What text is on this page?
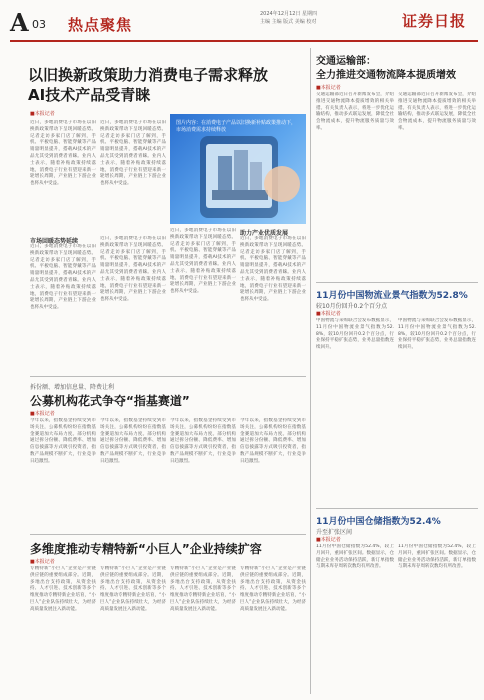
A 03 热点聚焦
2024年12月12日 星期四
主编 主编 版式 美编 校对	证券日报
以旧换新政策助力消费电子需求释放
AI技术产品受青睐
■本报记者
近日，多地消费电子市场在以旧换新政策带动下呈现回暖态势。记者走访多家门店了解到，手机、平板电脑、智能穿戴等产品销量明显提升，搭载AI技术的产品尤其受到消费者青睐。业内人士表示，随着补贴政策持续落地，消费电子行业有望迎来新一轮增长周期，产业链上下游企业也将从中受益。
近日，多地消费电子市场在以旧换新政策带动下呈现回暖态势。记者走访多家门店了解到，手机、平板电脑、智能穿戴等产品销量明显提升，搭载AI技术的产品尤其受到消费者青睐。业内人士表示，随着补贴政策持续落地，消费电子行业有望迎来新一轮增长周期，产业链上下游企业也将从中受益。
图片内容：在消费电子产品以旧换新补贴政策推动下，市场消费需求持续释放
市场回暖态势延续
近日，多地消费电子市场在以旧换新政策带动下呈现回暖态势。记者走访多家门店了解到，手机、平板电脑、智能穿戴等产品销量明显提升，搭载AI技术的产品尤其受到消费者青睐。业内人士表示，随着补贴政策持续落地，消费电子行业有望迎来新一轮增长周期，产业链上下游企业也将从中受益。
近日，多地消费电子市场在以旧换新政策带动下呈现回暖态势。记者走访多家门店了解到，手机、平板电脑、智能穿戴等产品销量明显提升，搭载AI技术的产品尤其受到消费者青睐。业内人士表示，随着补贴政策持续落地，消费电子行业有望迎来新一轮增长周期，产业链上下游企业也将从中受益。
近日，多地消费电子市场在以旧换新政策带动下呈现回暖态势。记者走访多家门店了解到，手机、平板电脑、智能穿戴等产品销量明显提升，搭载AI技术的产品尤其受到消费者青睐。业内人士表示，随着补贴政策持续落地，消费电子行业有望迎来新一轮增长周期，产业链上下游企业也将从中受益。
助力产业优质发展
近日，多地消费电子市场在以旧换新政策带动下呈现回暖态势。记者走访多家门店了解到，手机、平板电脑、智能穿戴等产品销量明显提升，搭载AI技术的产品尤其受到消费者青睐。业内人士表示，随着补贴政策持续落地，消费电子行业有望迎来新一轮增长周期，产业链上下游企业也将从中受益。
交通运输部：
全力推进交通物流降本提质增效
■本报记者
交通运输部近日召开新闻发布会，介绍推进交通物流降本提质增效的相关举措。有关负责人表示，将进一步优化运输结构，推动多式联运发展，降低全社会物流成本，提升物流服务质量与效率。
交通运输部近日召开新闻发布会，介绍推进交通物流降本提质增效的相关举措。有关负责人表示，将进一步优化运输结构，推动多式联运发展，降低全社会物流成本，提升物流服务质量与效率。
11月份中国物流业景气指数为52.8%
较10月份回升0.2个百分点
■本报记者
中国物流与采购联合会发布数据显示，11月份中国物流业景气指数为52.8%，较10月份回升0.2个百分点，行业保持平稳扩张态势，业务总量指数连续回升。
中国物流与采购联合会发布数据显示，11月份中国物流业景气指数为52.8%，较10月份回升0.2个百分点，行业保持平稳扩张态势，业务总量指数连续回升。
11月份中国仓储指数为52.4%
升至扩张区间
■本报记者
11月份中国仓储指数为52.4%，较上月回升，重回扩张区间。数据显示，仓储企业业务活动保持活跃，新订单指数与期末库存周转次数均有所改善。
11月份中国仓储指数为52.4%，较上月回升，重回扩张区间。数据显示，仓储企业业务活动保持活跃，新订单指数与期末库存周转次数均有所改善。
拆份额、增加信息量、降费让利
公募机构花式争夺“指基赛道”
■本报记者
今年以来，指数基金持续受到市场关注，公募机构纷纷在指数基金赛道加大布局力度。部分机构通过拆分份额、降低费率、增加信息披露等方式吸引投资者，指数产品规模不断扩大，行业竞争日趋激烈。
今年以来，指数基金持续受到市场关注，公募机构纷纷在指数基金赛道加大布局力度。部分机构通过拆分份额、降低费率、增加信息披露等方式吸引投资者，指数产品规模不断扩大，行业竞争日趋激烈。
今年以来，指数基金持续受到市场关注，公募机构纷纷在指数基金赛道加大布局力度。部分机构通过拆分份额、降低费率、增加信息披露等方式吸引投资者，指数产品规模不断扩大，行业竞争日趋激烈。
今年以来，指数基金持续受到市场关注，公募机构纷纷在指数基金赛道加大布局力度。部分机构通过拆分份额、降低费率、增加信息披露等方式吸引投资者，指数产品规模不断扩大，行业竞争日趋激烈。
多维度推动专精特新“小巨人”企业持续扩容
■本报记者
专精特新“小巨人”企业是产业链供应链的重要组成部分。近期，多地出台支持政策，从资金扶持、人才引进、技术创新等多个维度推动专精特新企业培育，“小巨人”企业队伍持续壮大，为经济高质量发展注入新动能。
专精特新“小巨人”企业是产业链供应链的重要组成部分。近期，多地出台支持政策，从资金扶持、人才引进、技术创新等多个维度推动专精特新企业培育，“小巨人”企业队伍持续壮大，为经济高质量发展注入新动能。
专精特新“小巨人”企业是产业链供应链的重要组成部分。近期，多地出台支持政策，从资金扶持、人才引进、技术创新等多个维度推动专精特新企业培育，“小巨人”企业队伍持续壮大，为经济高质量发展注入新动能。
专精特新“小巨人”企业是产业链供应链的重要组成部分。近期，多地出台支持政策，从资金扶持、人才引进、技术创新等多个维度推动专精特新企业培育，“小巨人”企业队伍持续壮大，为经济高质量发展注入新动能。
